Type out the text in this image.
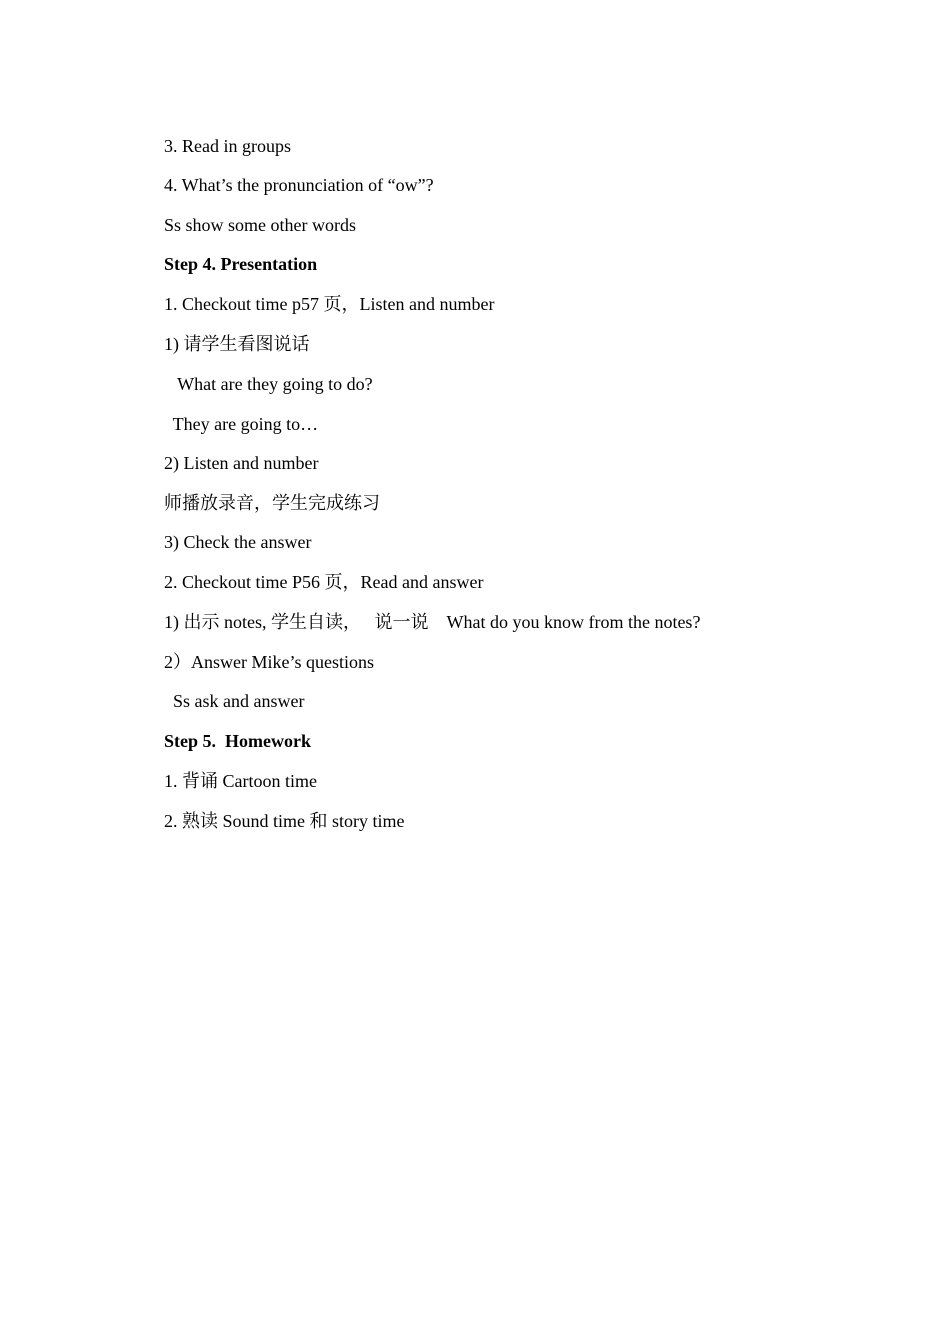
3. Read in groups
4. What’s the pronunciation of “ow”?
Ss show some other words
Step 4. Presentation
1. Checkout time p57 页，Listen and number
1) 请学生看图说话
What are they going to do?
They are going to…
2) Listen and number
师播放录音，学生完成练习
3) Check the answer
2. Checkout time P56 页，Read and answer
1) 出示 notes, 学生自读，   说一说    What do you know from the notes?
2）Answer Mike’s questions
Ss ask and answer
Step 5.  Homework
1. 背诵 Cartoon time
2. 熟读 Sound time 和 story time
